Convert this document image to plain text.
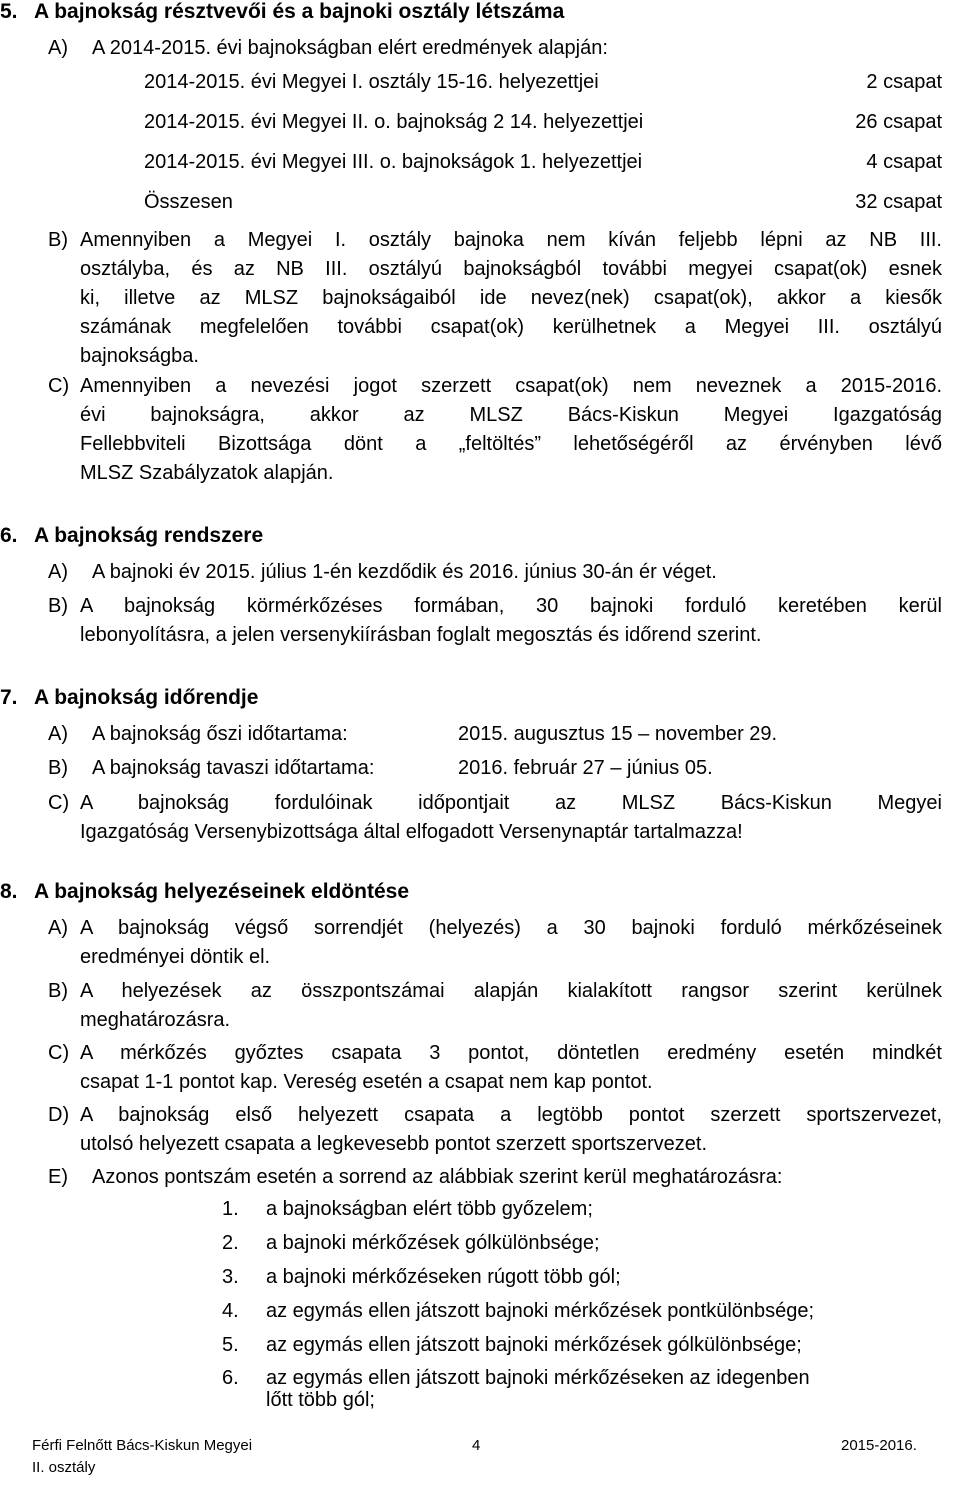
5. A bajnokság résztvevői és a bajnoki osztály létszáma
A) A 2014-2015. évi bajnokságban elért eredmények alapján:
2014-2015. évi Megyei I. osztály 15-16. helyezettjei	2 csapat
2014-2015. évi Megyei II. o. bajnokság 2 14. helyezettjei	26 csapat
2014-2015. évi Megyei III. o. bajnokságok 1. helyezettjei	4 csapat
Összesen	32 csapat
B) Amennyiben a Megyei I. osztály bajnoka nem kíván feljebb lépni az NB III.
osztályba, és az NB III. osztályú bajnokságból további megyei csapat(ok) esnek
ki, illetve az MLSZ bajnokságaiból ide nevez(nek) csapat(ok), akkor a kiesők
számának megfelelően további csapat(ok) kerülhetnek a Megyei III. osztályú
bajnokságba.
C) Amennyiben a nevezési jogot szerzett csapat(ok) nem neveznek a 2015-2016.
évi bajnokságra, akkor az MLSZ Bács-Kiskun Megyei Igazgatóság
Fellebbviteli Bizottsága dönt a „feltöltés” lehetőségéről az érvényben lévő
MLSZ Szabályzatok alapján.
6. A bajnokság rendszere
A) A bajnoki év 2015. július 1-én kezdődik és 2016. június 30-án ér véget.
B) A bajnokság körmérkőzéses formában, 30 bajnoki forduló keretében kerül
lebonyolításra, a jelen versenykiírásban foglalt megosztás és időrend szerint.
7. A bajnokság időrendje
A) A bajnokság őszi időtartama:	2015. augusztus 15 – november 29.
B) A bajnokság tavaszi időtartama:	2016. február 27 – június 05.
C) A bajnokság fordulóinak időpontjait az MLSZ Bács-Kiskun Megyei
Igazgatóság Versenybizottsága által elfogadott Versenynaptár tartalmazza!
8. A bajnokság helyezéseinek eldöntése
A) A bajnokság végső sorrendjét (helyezés) a 30 bajnoki forduló mérkőzéseinek
eredményei döntik el.
B) A helyezések az összpontszámai alapján kialakított rangsor szerint kerülnek
meghatározásra.
C) A mérkőzés győztes csapata 3 pontot, döntetlen eredmény esetén mindkét
csapat 1-1 pontot kap. Vereség esetén a csapat nem kap pontot.
D) A bajnokság első helyezett csapata a legtöbb pontot szerzett sportszervezet,
utolsó helyezett csapata a legkevesebb pontot szerzett sportszervezet.
E) Azonos pontszám esetén a sorrend az alábbiak szerint kerül meghatározásra:
1. a bajnokságban elért több győzelem;
2. a bajnoki mérkőzések gólkülönbsége;
3. a bajnoki mérkőzéseken rúgott több gól;
4. az egymás ellen játszott bajnoki mérkőzések pontkülönbsége;
5. az egymás ellen játszott bajnoki mérkőzések gólkülönbsége;
6. az egymás ellen játszott bajnoki mérkőzéseken az idegenben
lőtt több gól;
Férfi Felnőtt Bács-Kiskun Megyei
II. osztály
4	2015-2016.
